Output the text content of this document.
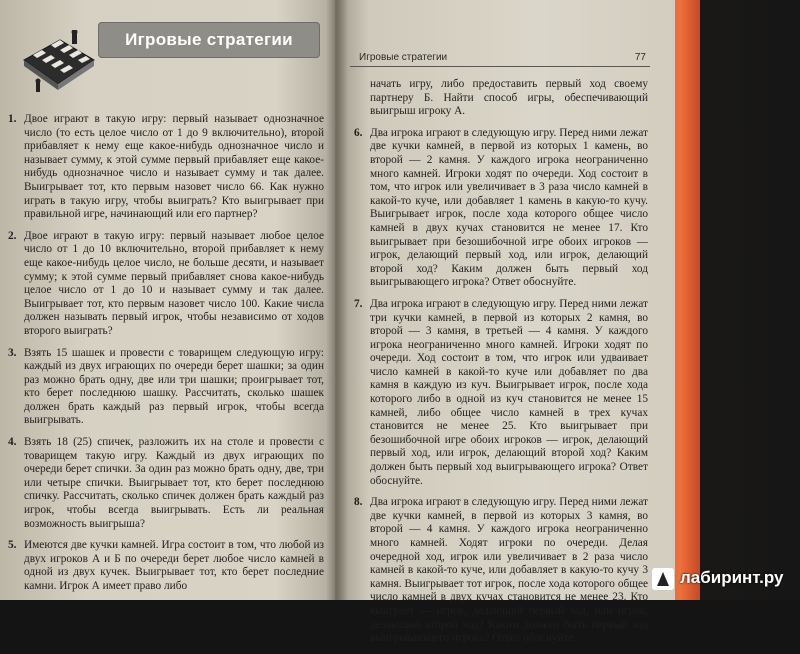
Игровые стратегии
1. Двое играют в такую игру: первый называет однозначное число (то есть целое число от 1 до 9 включительно), второй прибавляет к нему еще какое-нибудь однозначное число и называет сумму, к этой сумме первый прибавляет еще какое-нибудь однозначное число и называет сумму и так далее. Выигрывает тот, кто первым назовет число 66. Как нужно играть в такую игру, чтобы выиграть? Кто выигрывает при правильной игре, начинающий или его партнер?
2. Двое играют в такую игру: первый называет любое целое число от 1 до 10 включительно, второй прибавляет к нему еще какое-нибудь целое число, не больше десяти, и называет сумму; к этой сумме первый прибавляет снова какое-нибудь целое число от 1 до 10 и называет сумму и так далее. Выигрывает тот, кто первым назовет число 100. Какие числа должен называть первый игрок, чтобы независимо от ходов второго выиграть?
3. Взять 15 шашек и провести с товарищем следующую игру: каждый из двух играющих по очереди берет шашки; за один раз можно брать одну, две или три шашки; проигрывает тот, кто берет последнюю шашку. Рассчитать, сколько шашек должен брать каждый раз первый игрок, чтобы всегда выигрывать.
4. Взять 18 (25) спичек, разложить их на столе и провести с товарищем такую игру. Каждый из двух играющих по очереди берет спички. За один раз можно брать одну, две, три или четыре спички. Выигрывает тот, кто берет последнюю спичку. Рассчитать, сколько спичек должен брать каждый раз игрок, чтобы всегда выигрывать. Есть ли реальная возможность выигрыша?
5. Имеются две кучки камней. Игра состоит в том, что любой из двух игроков А и Б по очереди берет любое число камней в одной из двух кучек. Выигрывает тот, кто берет последние камни. Игрок А имеет право либо
Игровые стратегии	77
начать игру, либо предоставить первый ход своему партнеру Б. Найти способ игры, обеспечивающий выигрыш игроку А.
6. Два игрока играют в следующую игру. Перед ними лежат две кучки камней, в первой из которых 1 камень, во второй — 2 камня. У каждого игрока неограниченно много камней. Игроки ходят по очереди. Ход состоит в том, что игрок или увеличивает в 3 раза число камней в какой-то куче, или добавляет 1 камень в какую-то кучу. Выигрывает игрок, после хода которого общее число камней в двух кучах становится не менее 17. Кто выигрывает при безошибочной игре обоих игроков — игрок, делающий первый ход, или игрок, делающий второй ход? Каким должен быть первый ход выигрывающего игрока? Ответ обоснуйте.
7. Два игрока играют в следующую игру. Перед ними лежат три кучки камней, в первой из которых 2 камня, во второй — 3 камня, в третьей — 4 камня. У каждого игрока неограниченно много камней. Игроки ходят по очереди. Ход состоит в том, что игрок или удваивает число камней в какой-то куче или добавляет по два камня в каждую из куч. Выигрывает игрок, после хода которого либо в одной из куч становится не менее 15 камней, либо общее число камней в трех кучах становится не менее 25. Кто выигрывает при безошибочной игре обоих игроков — игрок, делающий первый ход, или игрок, делающий второй ход? Каким должен быть первый ход выигрывающего игрока? Ответ обоснуйте.
8. Два игрока играют в следующую игру. Перед ними лежат две кучки камней, в первой из которых 3 камня, во второй — 4 камня. У каждого игрока неограниченно много камней. Ходят игроки по очереди. Делая очередной ход, игрок или увеличивает в 2 раза число камней в какой-то куче, или добавляет в какую-то кучу 3 камня. Выигрывает тот игрок, после хода которого общее число камней в двух кучах становится не менее 23. Кто выиграет — игрок, делающий первый ход, или игрок, делающий второй ход? Каким должен быть первый ход выигрывающего игрока? Ответ обоснуйте.
лабиринт.ру
